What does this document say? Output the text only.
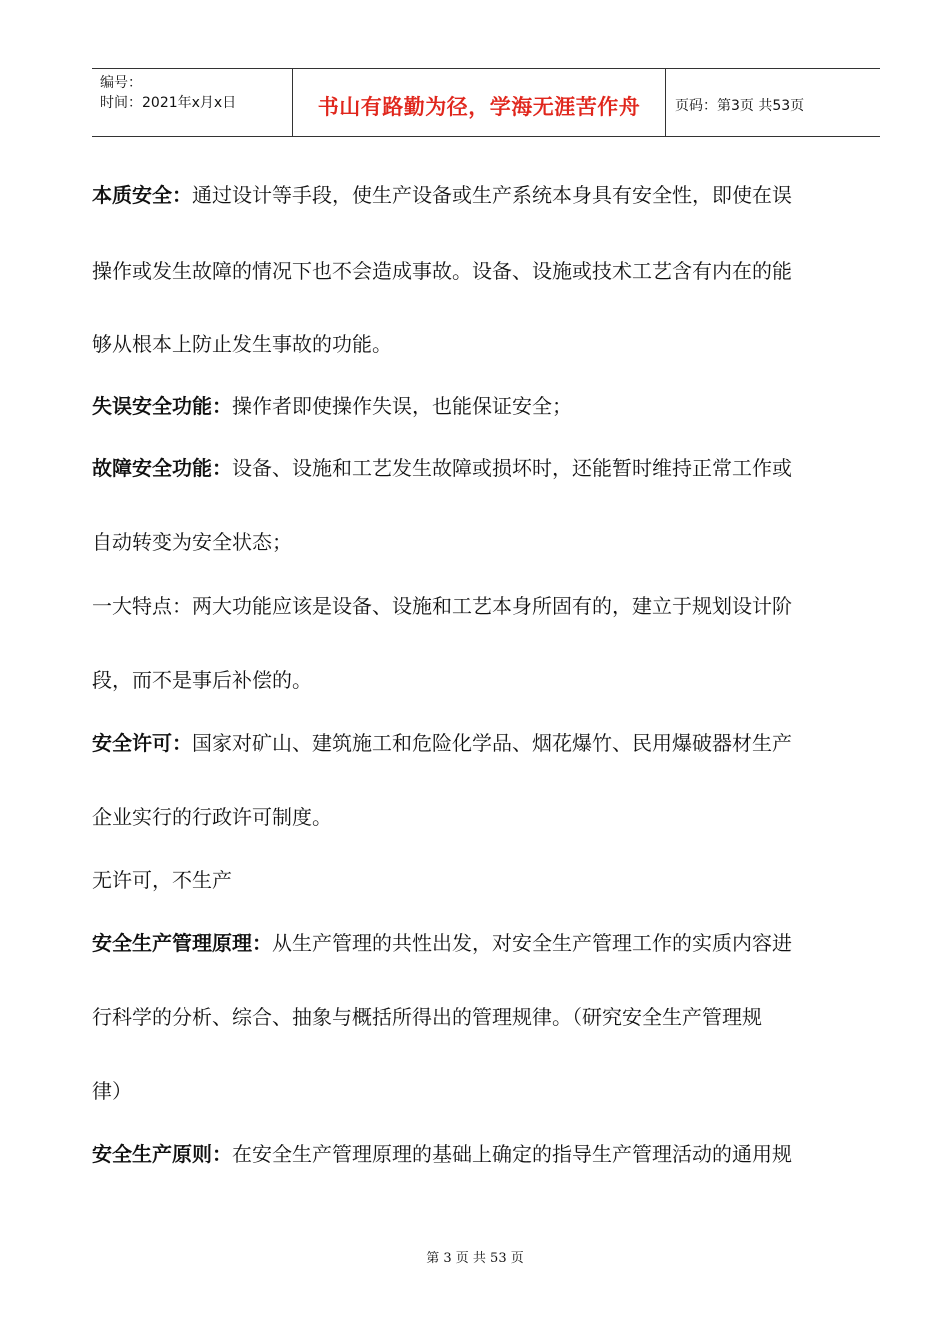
编号：
时间：2021年x月x日	书山有路勤为径，学海无涯苦作舟	页码：第3页 共53页
本质安全：通过设计等手段，使生产设备或生产系统本身具有安全性，即使在误
操作或发生故障的情况下也不会造成事故。设备、设施或技术工艺含有内在的能
够从根本上防止发生事故的功能。
失误安全功能：操作者即使操作失误，也能保证安全；
故障安全功能：设备、设施和工艺发生故障或损坏时，还能暂时维持正常工作或
自动转变为安全状态；
一大特点：两大功能应该是设备、设施和工艺本身所固有的，建立于规划设计阶
段，而不是事后补偿的。
安全许可：国家对矿山、建筑施工和危险化学品、烟花爆竹、民用爆破器材生产
企业实行的行政许可制度。
无许可，不生产
安全生产管理原理：从生产管理的共性出发，对安全生产管理工作的实质内容进
行科学的分析、综合、抽象与概括所得出的管理规律。（研究安全生产管理规
律）
安全生产原则：在安全生产管理原理的基础上确定的指导生产管理活动的通用规
第 3 页 共 53 页
